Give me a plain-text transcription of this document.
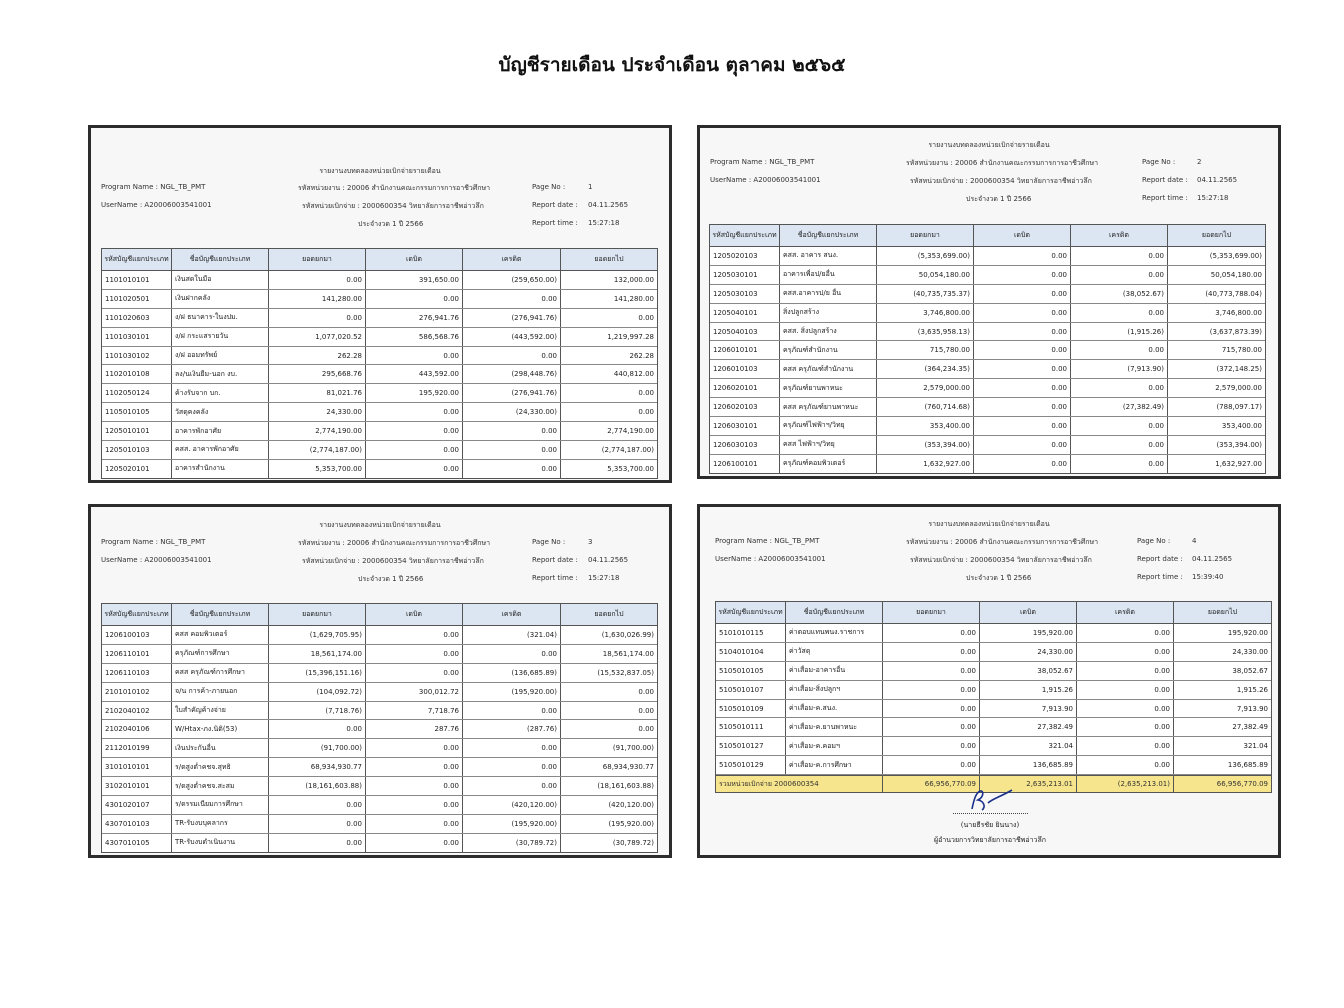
บัญชีรายเดือน ประจำเดือน ตุลาคม ๒๕๖๕
รายงานงบทดลองหน่วยเบิกจ่ายรายเดือน
Program Name : NGL_TB_PMT
UserName : A20006003541001
รหัสหน่วยงาน : 20006 สำนักงานคณะกรรมการการอาชีวศึกษา
รหัสหน่วยเบิกจ่าย : 2000600354 วิทยาลัยการอาชีพอ่าวลึก
ประจำงวด 1 ปี 2566
Page No :	1
Report date : 04.11.2565
Report time : 15:27:18
รหัสบัญชีแยกประเภท	ชื่อบัญชีแยกประเภท	ยอดยกมา	เดบิต	เครดิต	ยอดยกไป
1101010101	เงินสดในมือ	0.00	391,650.00	(259,650.00)	132,000.00
1101020501	เงินฝากคลัง	141,280.00	0.00	0.00	141,280.00
1101020603	ง/ฝ ธนาคาร-ในงปม.	0.00	276,941.76	(276,941.76)	0.00
1101030101	ง/ฝ กระแสรายวัน	1,077,020.52	586,568.76	(443,592.00)	1,219,997.28
1101030102	ง/ฝ ออมทรัพย์	262.28	0.00	0.00	262.28
1102010108	ลง/นเงินยืม-นอก งบ.	295,668.76	443,592.00	(298,448.76)	440,812.00
1102050124	ค้างรับจาก บก.	81,021.76	195,920.00	(276,941.76)	0.00
1105010105	วัสดุคงคลัง	24,330.00	0.00	(24,330.00)	0.00
1205010101	อาคารพักอาศัย	2,774,190.00	0.00	0.00	2,774,190.00
1205010103	คสส. อาคารพักอาศัย	(2,774,187.00)	0.00	0.00	(2,774,187.00)
1205020101	อาคารสำนักงาน	5,353,700.00	0.00	0.00	5,353,700.00
รายงานงบทดลองหน่วยเบิกจ่ายรายเดือน
Program Name : NGL_TB_PMT
UserName : A20006003541001
รหัสหน่วยงาน : 20006 สำนักงานคณะกรรมการการอาชีวศึกษา
รหัสหน่วยเบิกจ่าย : 2000600354 วิทยาลัยการอาชีพอ่าวลึก
ประจำงวด 1 ปี 2566
Page No :	2
Report date : 04.11.2565
Report time : 15:27:18
รหัสบัญชีแยกประเภท	ชื่อบัญชีแยกประเภท	ยอดยกมา	เดบิต	เครดิต	ยอดยกไป
1205020103	คสส. อาคาร สนง.	(5,353,699.00)	0.00	0.00	(5,353,699.00)
1205030101	อาคารเพื่อป/ยอื่น	50,054,180.00	0.00	0.00	50,054,180.00
1205030103	คสส.อาคารป/ย อื่น	(40,735,735.37)	0.00	(38,052.67)	(40,773,788.04)
1205040101	สิ่งปลูกสร้าง	3,746,800.00	0.00	0.00	3,746,800.00
1205040103	คสส. สิ่งปลูกสร้าง	(3,635,958.13)	0.00	(1,915.26)	(3,637,873.39)
1206010101	ครุภัณฑ์สำนักงาน	715,780.00	0.00	0.00	715,780.00
1206010103	คสส ครุภัณฑ์สำนักงาน	(364,234.35)	0.00	(7,913.90)	(372,148.25)
1206020101	ครุภัณฑ์ยานพาหนะ	2,579,000.00	0.00	0.00	2,579,000.00
1206020103	คสส ครุภัณฑ์ยานพาหนะ	(760,714.68)	0.00	(27,382.49)	(788,097.17)
1206030101	ครุภัณฑ์ไฟฟ้าฯ/วิทยุ	353,400.00	0.00	0.00	353,400.00
1206030103	คสส ไฟฟ้าฯ/วิทยุ	(353,394.00)	0.00	0.00	(353,394.00)
1206100101	ครุภัณฑ์คอมพิวเตอร์	1,632,927.00	0.00	0.00	1,632,927.00
รายงานงบทดลองหน่วยเบิกจ่ายรายเดือน
Program Name : NGL_TB_PMT
UserName : A20006003541001
รหัสหน่วยงาน : 20006 สำนักงานคณะกรรมการการอาชีวศึกษา
รหัสหน่วยเบิกจ่าย : 2000600354 วิทยาลัยการอาชีพอ่าวลึก
ประจำงวด 1 ปี 2566
Page No :	3
Report date : 04.11.2565
Report time : 15:27:18
รหัสบัญชีแยกประเภท	ชื่อบัญชีแยกประเภท	ยอดยกมา	เดบิต	เครดิต	ยอดยกไป
1206100103	คสส คอมพิวเตอร์	(1,629,705.95)	0.00	(321.04)	(1,630,026.99)
1206110101	ครุภัณฑ์การศึกษา	18,561,174.00	0.00	0.00	18,561,174.00
1206110103	คสส ครุภัณฑ์การศึกษา	(15,396,151.16)	0.00	(136,685.89)	(15,532,837.05)
2101010102	จ/น การค้า-ภายนอก	(104,092.72)	300,012.72	(195,920.00)	0.00
2102040102	ใบสำคัญค้างจ่าย	(7,718.76)	7,718.76	0.00	0.00
2102040106	W/Htax-ภง.นิติ(53)	0.00	287.76	(287.76)	0.00
2112010199	เงินประกันอื่น	(91,700.00)	0.00	0.00	(91,700.00)
3101010101	ร/ดสูงต่ำคชจ.สุทธิ	68,934,930.77	0.00	0.00	68,934,930.77
3102010101	ร/ดสูงต่ำคชจ.สะสม	(18,161,603.88)	0.00	0.00	(18,161,603.88)
4301020107	ร/ดรรมเนียมการศึกษา	0.00	0.00	(420,120.00)	(420,120.00)
4307010103	TR-รับงบบุคลากร	0.00	0.00	(195,920.00)	(195,920.00)
4307010105	TR-รับงบดำเนินงาน	0.00	0.00	(30,789.72)	(30,789.72)
รายงานงบทดลองหน่วยเบิกจ่ายรายเดือน
Program Name : NGL_TB_PMT
UserName : A20006003541001
รหัสหน่วยงาน : 20006 สำนักงานคณะกรรมการการอาชีวศึกษา
รหัสหน่วยเบิกจ่าย : 2000600354 วิทยาลัยการอาชีพอ่าวลึก
ประจำงวด 1 ปี 2566
Page No :	4
Report date : 04.11.2565
Report time : 15:39:40
รหัสบัญชีแยกประเภท	ชื่อบัญชีแยกประเภท	ยอดยกมา	เดบิต	เครดิต	ยอดยกไป
5101010115	ค่าตอบแทนพนง.ราชการ	0.00	195,920.00	0.00	195,920.00
5104010104	ค่าวัสดุ	0.00	24,330.00	0.00	24,330.00
5105010105	ค่าเสื่อม-อาคารอื่น	0.00	38,052.67	0.00	38,052.67
5105010107	ค่าเสื่อม-สิ่งปลูกฯ	0.00	1,915.26	0.00	1,915.26
5105010109	ค่าเสื่อม-ค.สนง.	0.00	7,913.90	0.00	7,913.90
5105010111	ค่าเสื่อม-ค.ยานพาหนะ	0.00	27,382.49	0.00	27,382.49
5105010127	ค่าเสื่อม-ค.คอมฯ	0.00	321.04	0.00	321.04
5105010129	ค่าเสื่อม-ค.การศึกษา	0.00	136,685.89	0.00	136,685.89
รวมหน่วยเบิกจ่าย 2000600354	66,956,770.09	2,635,213.01	(2,635,213.01)	66,956,770.09
(นายธีรชัย ยินนาง)
ผู้อำนวยการวิทยาลัยการอาชีพอ่าวลึก
